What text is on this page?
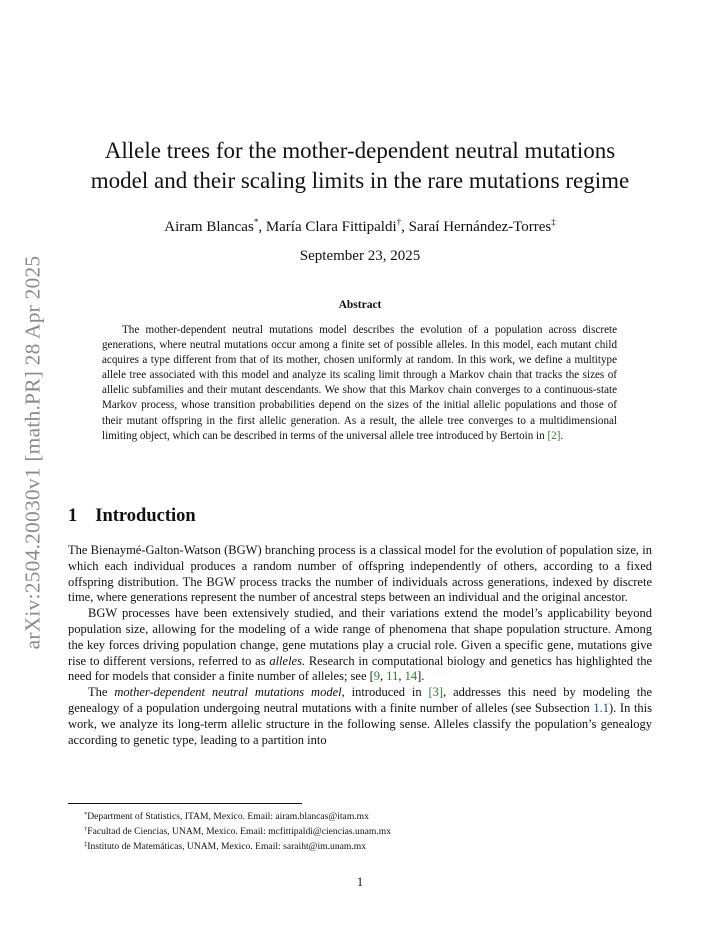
arXiv:2504.20030v1 [math.PR] 28 Apr 2025
Allele trees for the mother-dependent neutral mutations
model and their scaling limits in the rare mutations regime
Airam Blancas*, María Clara Fittipaldi†, Saraí Hernández-Torres‡
September 23, 2025
Abstract

The mother-dependent neutral mutations model describes the evolution of a population across discrete generations, where neutral mutations occur among a finite set of possible alleles. In this model, each mutant child acquires a type different from that of its mother, chosen uniformly at random. In this work, we define a multitype allele tree associated with this model and analyze its scaling limit through a Markov chain that tracks the sizes of allelic subfamilies and their mutant descendants. We show that this Markov chain converges to a continuous-state Markov process, whose transition probabilities depend on the sizes of the initial allelic populations and those of their mutant offspring in the first allelic generation. As a result, the allele tree converges to a multidimensional limiting object, which can be described in terms of the universal allele tree introduced by Bertoin in [2].

1 Introduction

The Bienaymé-Galton-Watson (BGW) branching process is a classical model for the evolution of population size, in which each individual produces a random number of offspring independently of others, according to a fixed offspring distribution. The BGW process tracks the number of individuals across generations, indexed by discrete time, where generations represent the number of ancestral steps between an individual and the original ancestor.

BGW processes have been extensively studied, and their variations extend the model’s applicability beyond population size, allowing for the modeling of a wide range of phenomena that shape population structure. Among the key forces driving population change, gene mutations play a crucial role. Given a specific gene, mutations give rise to different versions, referred to as alleles. Research in computational biology and genetics has highlighted the need for models that consider a finite number of alleles; see [9, 11, 14].

The mother-dependent neutral mutations model, introduced in [3], addresses this need by modeling the genealogy of a population undergoing neutral mutations with a finite number of alleles (see Subsection 1.1). In this work, we analyze its long-term allelic structure in the following sense. Alleles classify the population’s genealogy according to genetic type, leading to a partition into

*Department of Statistics, ITAM, Mexico. Email: airam.blancas@itam.mx
†Facultad de Ciencias, UNAM, Mexico. Email: mcfittipaldi@ciencias.unam.mx
‡Instituto de Matemáticas, UNAM, Mexico. Email: saraiht@im.unam.mx
1
